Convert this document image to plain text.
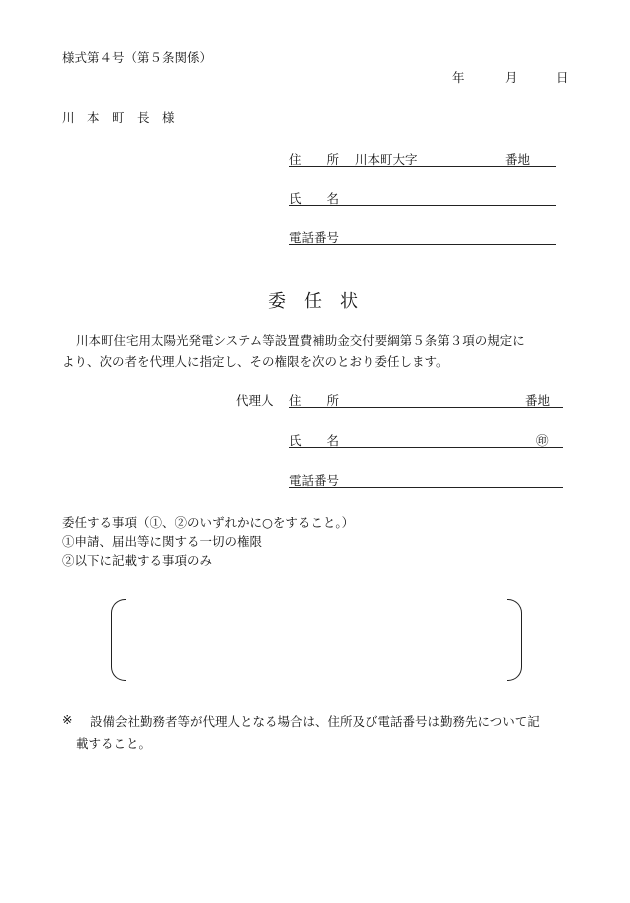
様式第４号（第５条関係）
年	月	日
川　本　町　長　様
住　　所 川本町大字	番地
氏　　名
電話番号
委　任　状
川本町住宅用太陽光発電システム等設置費補助金交付要綱第５条第３項の規定に
より、次の者を代理人に指定し、その権限を次のとおり委任します。
代理人 住　　所	番地
氏　　名	㊞
電話番号
委任する事項（①、②のいずれかに○をすること。）
①申請、届出等に関する一切の権限
②以下に記載する事項のみ
※ 設備会社勤務者等が代理人となる場合は、住所及び電話番号は勤務先について記
載すること。
